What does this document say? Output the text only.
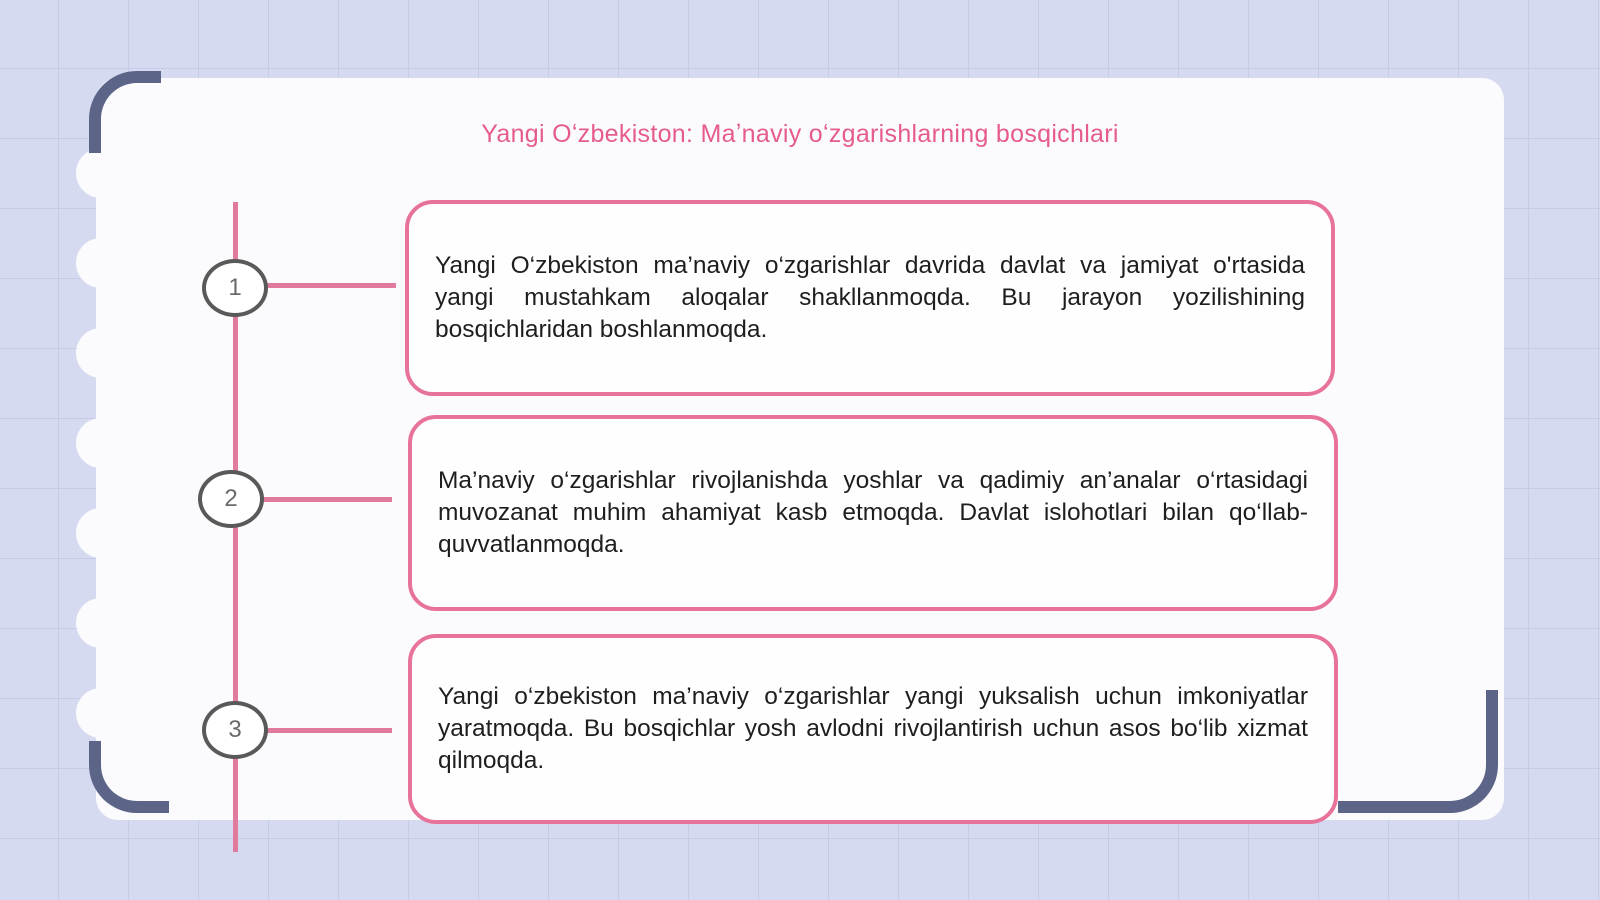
Yangi Oʻzbekiston: Maʼnaviy oʻzgarishlarning bosqichlari
1

Yangi O‘zbekiston ma’naviy o‘zgarishlar davrida davlat va jamiyat o'rtasida yangi mustahkam aloqalar shakllanmoqda. Bu jarayon yozilishining bosqichlaridan boshlanmoqda.

2

Ma’naviy o‘zgarishlar rivojlanishda yoshlar va qadimiy an’analar o‘rtasidagi muvozanat muhim ahamiyat kasb etmoqda. Davlat islohotlari bilan qo‘llab-quvvatlanmoqda.

3

Yangi o‘zbekiston ma’naviy o‘zgarishlar yangi yuksalish uchun imkoniyatlar yaratmoqda. Bu bosqichlar yosh avlodni rivojlantirish uchun asos bo‘lib xizmat qilmoqda.
